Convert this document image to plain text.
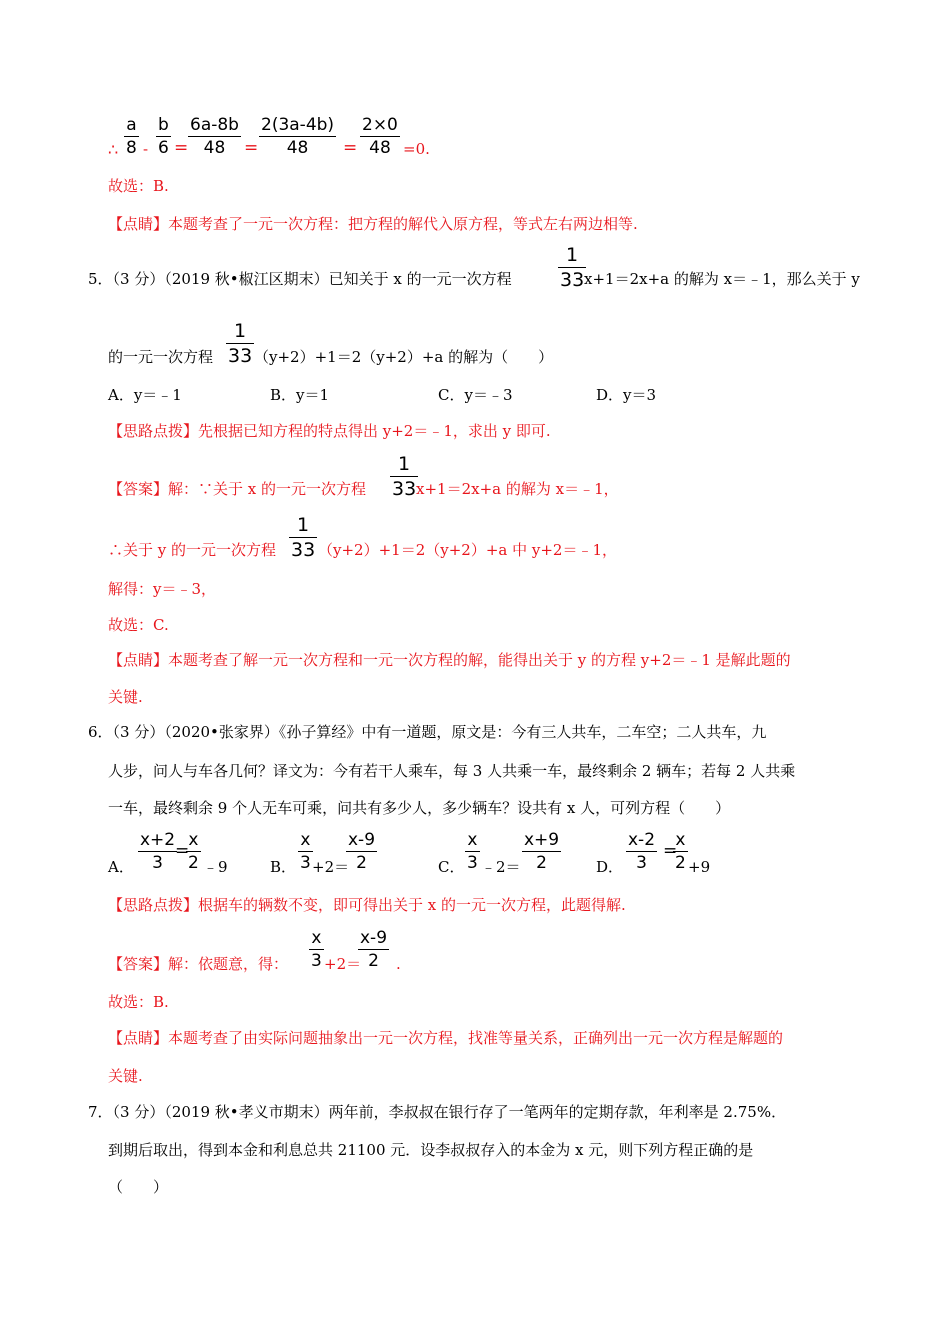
$\frac{a}{8}$
∴ - $\frac{b}{6} = \frac{6a-8b}{48} = \frac{2(3a-4b)}{48} = \frac{2\times 0}{48} =0$.
故选：B.
【点睛】本题考查了一元一次方程：把方程的解代入原方程，等式左右两边相等.
5．（3 分）（2019 秋•椒江区期末）已知关于 x 的一元一次方程 $\frac{1}{33}$
x+1＝2x+a 的解为 x＝﹣1，那么关于 y
的一元一次方程 $\frac{1}{33} (y+2)+1=2(y+2)+a$ 的解为（　　）
A．y＝﹣1	B．y＝1	C．y＝﹣3	D．y＝3
【思路点拨】先根据已知方程的特点得出 y+2＝﹣1，求出 y 即可.
【答案】解：∵关于 x 的一元一次方程 $\frac{1}{33}$
x+1＝2x+a 的解为 x＝﹣1，
∴关于 y 的一元一次方程 $\frac{1}{33} (y+2)+1=2(y+2)+a$ 中 y+2＝﹣1，
解得：y＝﹣3，
故选：C.
【点睛】本题考查了解一元一次方程和一元一次方程的解，能得出关于 y 的方程 y+2＝﹣1 是解此题的
关键.
6．（3 分）（2020•张家界）《孙子算经》中有一道题，原文是：今有三人共车，二车空；二人共车，九
人步，问人与车各几何？译文为：今有若干人乘车，每 3 人共乘一车，最终剩余 2 辆车；若每 2 人共乘
一车，最终剩余 9 个人无车可乘，问共有多少人，多少辆车？设共有 x 人，可列方程（　　）
A． $\frac{x+2}{3}$
=
$\frac{x}{2}$ ﹣9	B． $\frac{x}{3} +2=$
$\frac{x-9}{2}$	C． $\frac{x}{3}$ ﹣2＝ $\frac{x+9}{2}$ D． $\frac{x-2}{3}$ =
$\frac{x}{2} +9$
【思路点拨】根据车的辆数不变，即可得出关于 x 的一元一次方程，此题得解.
【答案】解：依题意，得： $\frac{x}{3} +2=$
$\frac{x-9}{2}$ .
故选：B.
【点睛】本题考查了由实际问题抽象出一元一次方程，找准等量关系，正确列出一元一次方程是解题的
关键.
7．（3 分）（2019 秋•孝义市期末）两年前，李叔叔在银行存了一笔两年的定期存款，年利率是 2.75%．
到期后取出，得到本金和利息总共 21100 元．设李叔叔存入的本金为 x 元，则下列方程正确的是
（　　）
